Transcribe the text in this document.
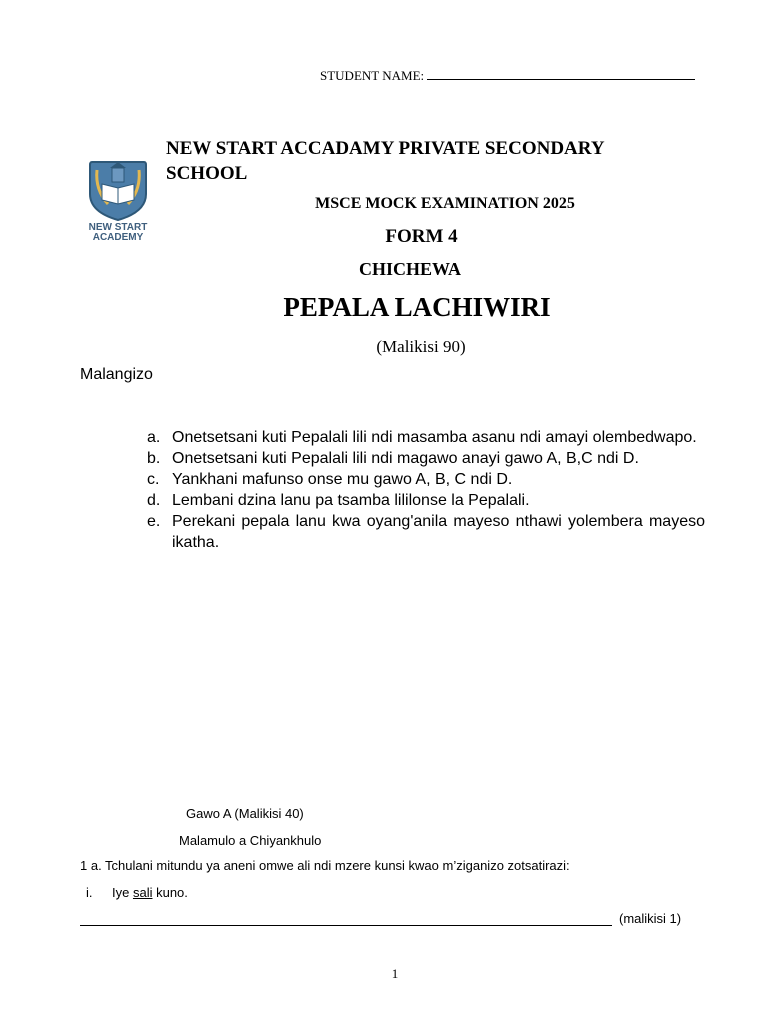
STUDENT NAME:
NEW START
ACADEMY
NEW START ACCADAMY PRIVATE SECONDARY SCHOOL
MSCE MOCK EXAMINATION 2025
FORM 4
CHICHEWA
PEPALA LACHIWIRI
(Malikisi 90)
Malangizo
a. Onetsetsani kuti Pepalali lili ndi masamba asanu ndi amayi olembedwapo.
b. Onetsetsani kuti Pepalali lili ndi magawo anayi gawo A, B,C ndi D.
c. Yankhani mafunso onse mu gawo A, B, C ndi D.
d. Lembani dzina lanu pa tsamba lililonse la Pepalali.
e. Perekani pepala lanu kwa oyang'anila mayeso nthawi yolembera mayeso ikatha.
Gawo A (Malikisi 40)
Malamulo a Chiyankhulo
1 a. Tchulani mitundu ya aneni omwe ali ndi mzere kunsi kwao m’ziganizo zotsatirazi:
i. Iye sali kuno.
(malikisi 1)
1
